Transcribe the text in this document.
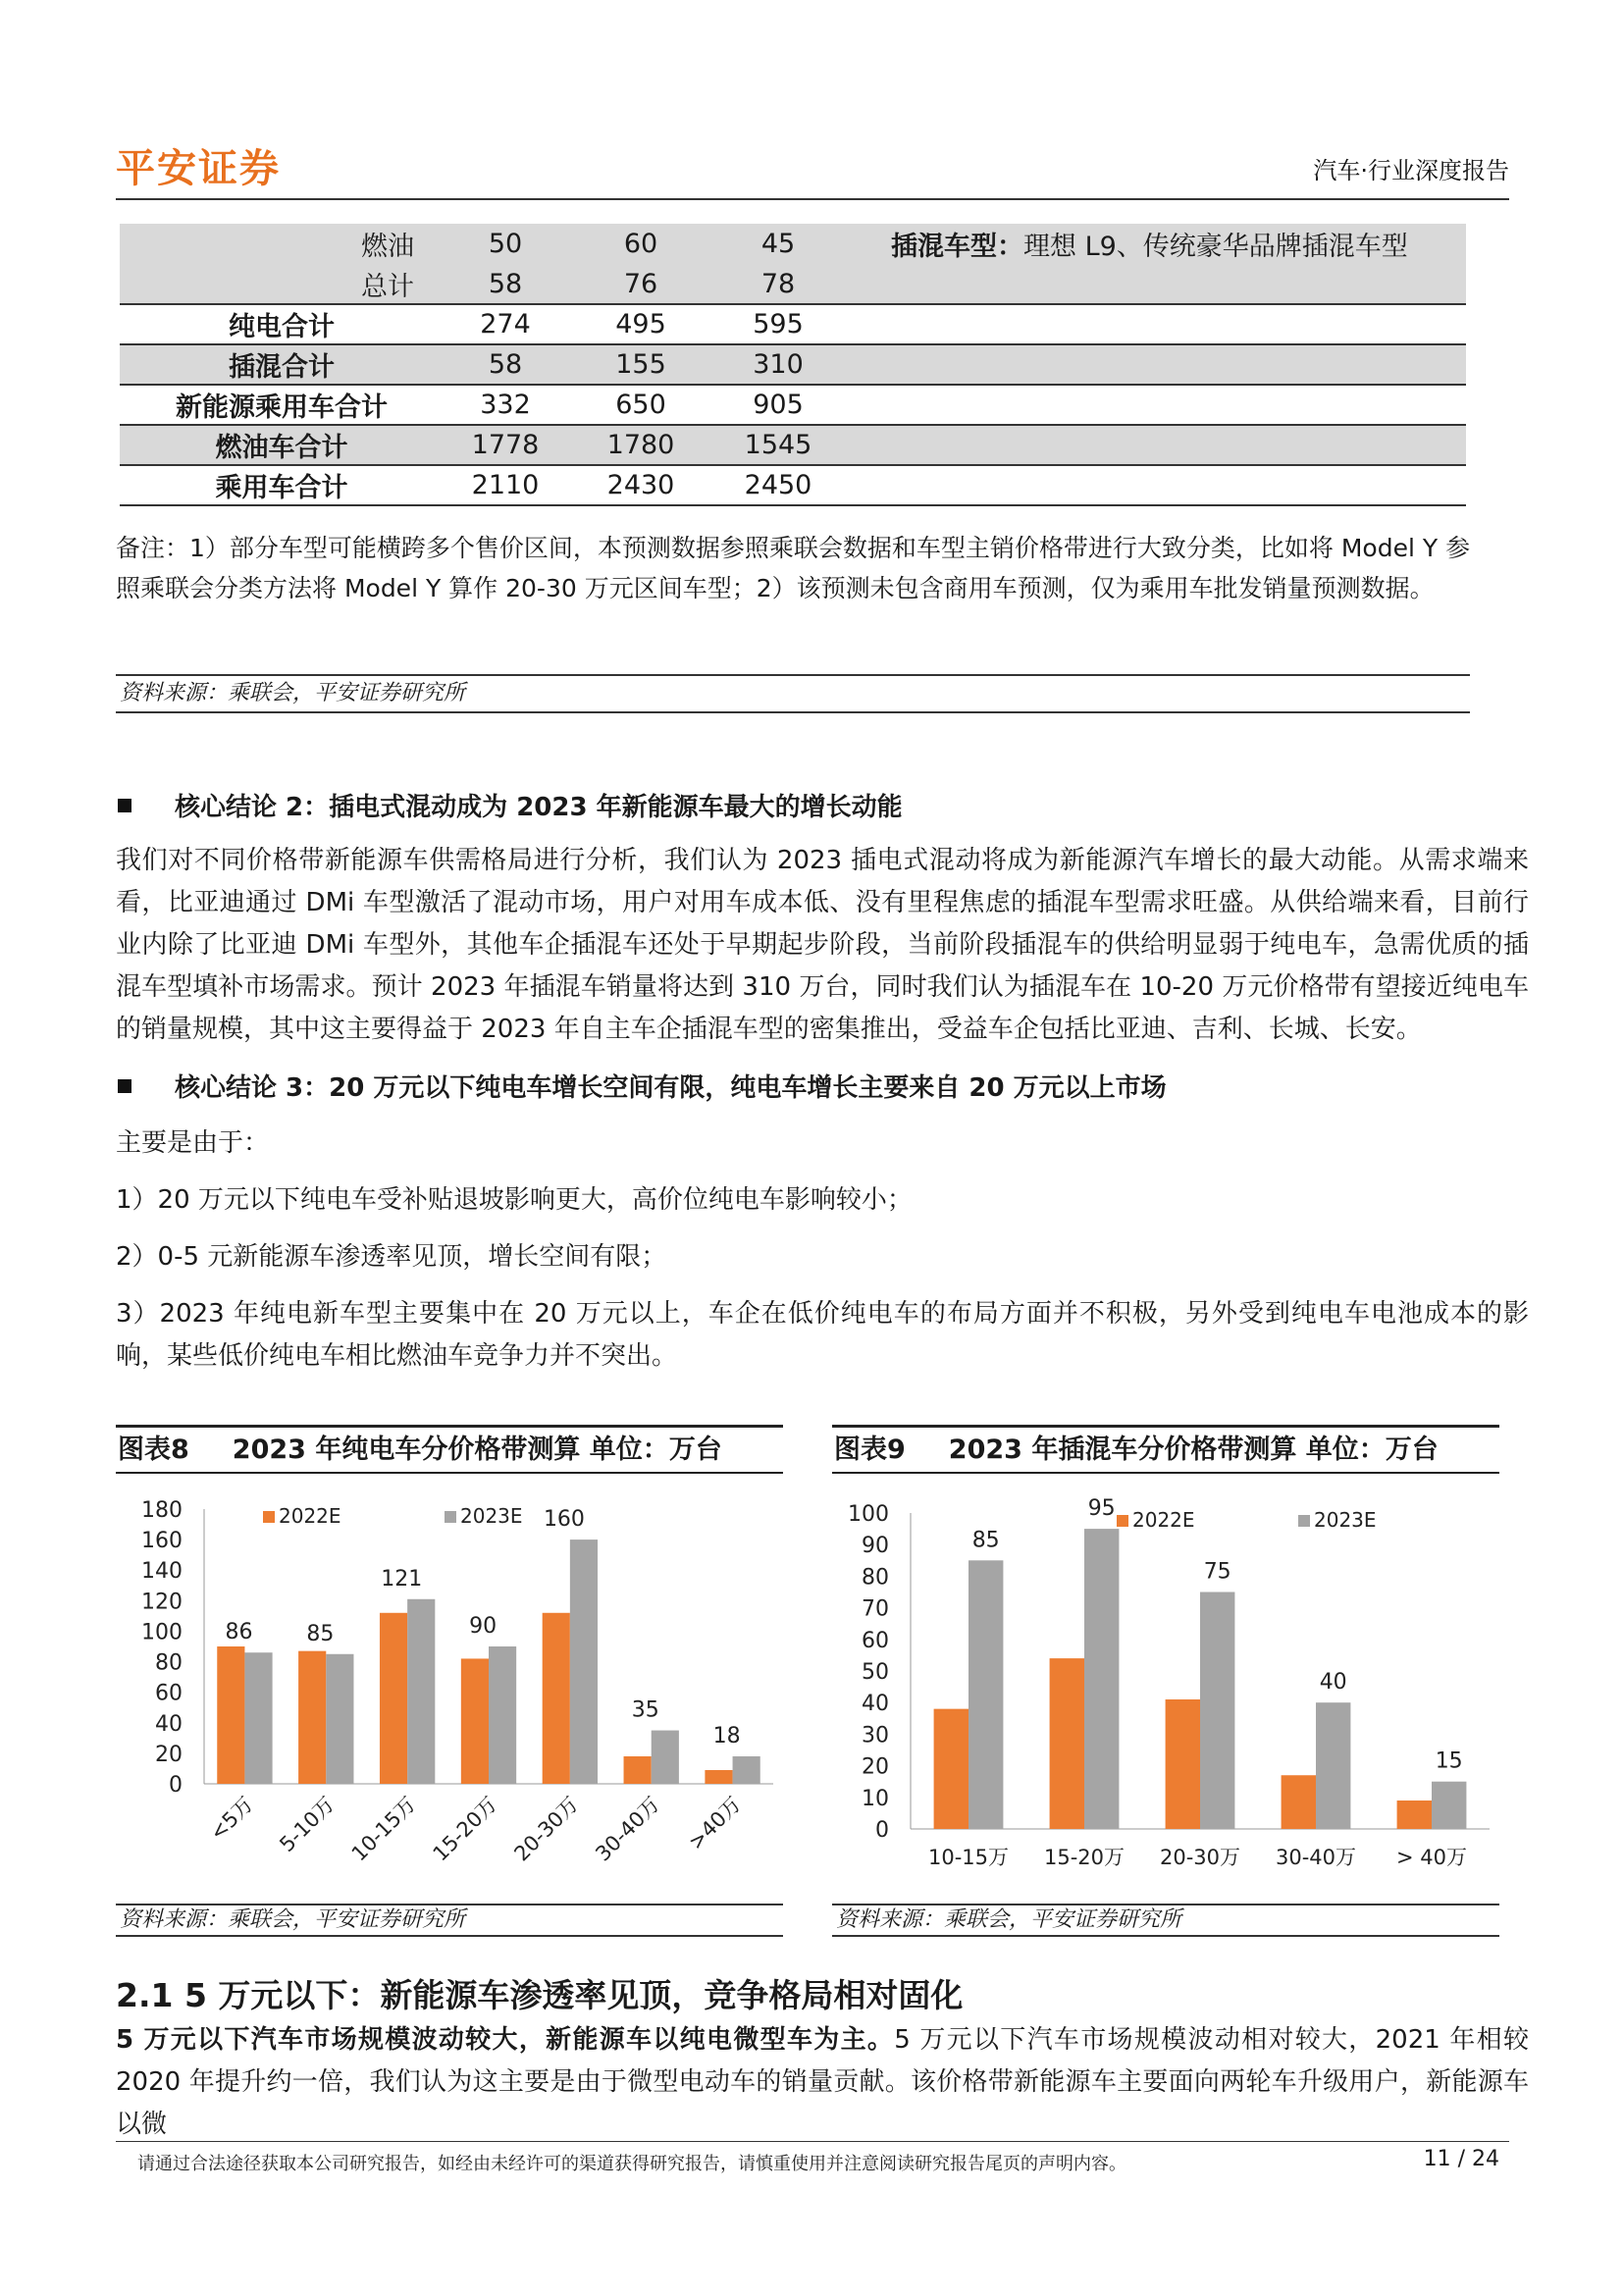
平安证券	汽车·行业深度报告
燃油	50	60	45	插混车型：理想 L9、传统豪华品牌插混车型
总计	58	76	78	
纯电合计	274	495	595	
插混合计	58	155	310	
新能源乘用车合计	332	650	905	
燃油车合计	1778	1780	1545	
乘用车合计	2110	2430	2450	
备注：1）部分车型可能横跨多个售价区间，本预测数据参照乘联会数据和车型主销价格带进行大致分类，比如将 Model Y 参照乘联会分类方法将 Model Y 算作 20-30 万元区间车型；2）该预测未包含商用车预测，仅为乘用车批发销量预测数据。
资料来源：乘联会，平安证券研究所
核心结论 2：插电式混动成为 2023 年新能源车最大的增长动能
我们对不同价格带新能源车供需格局进行分析，我们认为 2023 插电式混动将成为新能源汽车增长的最大动能。从需求端来看，比亚迪通过 DMi 车型激活了混动市场，用户对用车成本低、没有里程焦虑的插混车型需求旺盛。从供给端来看，目前行业内除了比亚迪 DMi 车型外，其他车企插混车还处于早期起步阶段，当前阶段插混车的供给明显弱于纯电车，急需优质的插混车型填补市场需求。预计 2023 年插混车销量将达到 310 万台，同时我们认为插混车在 10-20 万元价格带有望接近纯电车的销量规模，其中这主要得益于 2023 年自主车企插混车型的密集推出，受益车企包括比亚迪、吉利、长城、长安。
核心结论 3：20 万元以下纯电车增长空间有限，纯电车增长主要来自 20 万元以上市场
主要是由于：
1）20 万元以下纯电车受补贴退坡影响更大，高价位纯电车影响较小；
2）0-5 元新能源车渗透率见顶，增长空间有限；
3）2023 年纯电新车型主要集中在 20 万元以上，车企在低价纯电车的布局方面并不积极，另外受到纯电车电池成本的影响，某些低价纯电车相比燃油车竞争力并不突出。
图表8 2023 年纯电车分价格带测算 单位：万台	图表9 2023 年插混车分价格带测算 单位：万台
0
20
40
60
80
100
120
140
160
180
86
<5万
85
5-10万
121
10-15万
90
15-20万
160
20-30万
35
30-40万
18
>40万
2022E	2023E
0
10
20
30
40
50
60
70
80
90
100
85
10-15万
95
15-20万
75
20-30万
40
30-40万
15
> 40万
2022E	2023E
资料来源：乘联会，平安证券研究所	资料来源：乘联会，平安证券研究所
2.1 5 万元以下：新能源车渗透率见顶，竞争格局相对固化
5 万元以下汽车市场规模波动较大，新能源车以纯电微型车为主。5 万元以下汽车市场规模波动相对较大，2021 年相较 2020 年提升约一倍，我们认为这主要是由于微型电动车的销量贡献。该价格带新能源车主要面向两轮车升级用户，新能源车以微
请通过合法途径获取本公司研究报告，如经由未经许可的渠道获得研究报告，请慎重使用并注意阅读研究报告尾页的声明内容。	11 / 24
